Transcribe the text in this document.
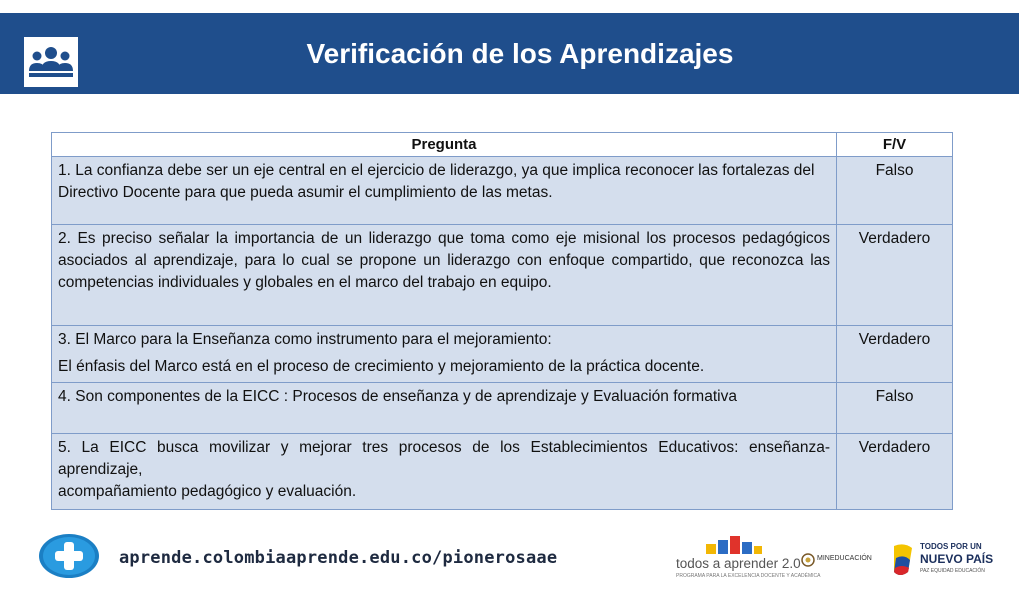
Verificación de los Aprendizajes
Pregunta	F/V

1. La confianza debe ser un eje central en el ejercicio de liderazgo, ya que implica reconocer las fortalezas del Directivo Docente para que pueda asumir el cumplimiento de las metas.	Falso

2. Es preciso señalar la importancia de un liderazgo que toma como eje misional los procesos pedagógicos asociados al aprendizaje, para lo cual se propone un liderazgo con enfoque compartido, que reconozca las competencias individuales y globales en el marco del trabajo en equipo.	Verdadero

3. El Marco para la Enseñanza como instrumento para el mejoramiento:
El énfasis del Marco está en el proceso de crecimiento y mejoramiento de la práctica docente.	Verdadero

4. Son componentes de la EICC : Procesos de enseñanza y de aprendizaje y Evaluación formativa	Falso

5. La EICC busca movilizar y mejorar tres procesos de los Establecimientos Educativos: enseñanza-aprendizaje,
acompañamiento pedagógico y evaluación.	Verdadero
aprende.colombiaaprende.edu.co/pionerosaae	todos a aprender 2.0
PROGRAMA PARA LA EXCELENCIA DOCENTE Y ACADÉMICA
MINEDUCACIÓN
TODOS POR UN
NUEVO PAÍS
PAZ EQUIDAD EDUCACIÓN
